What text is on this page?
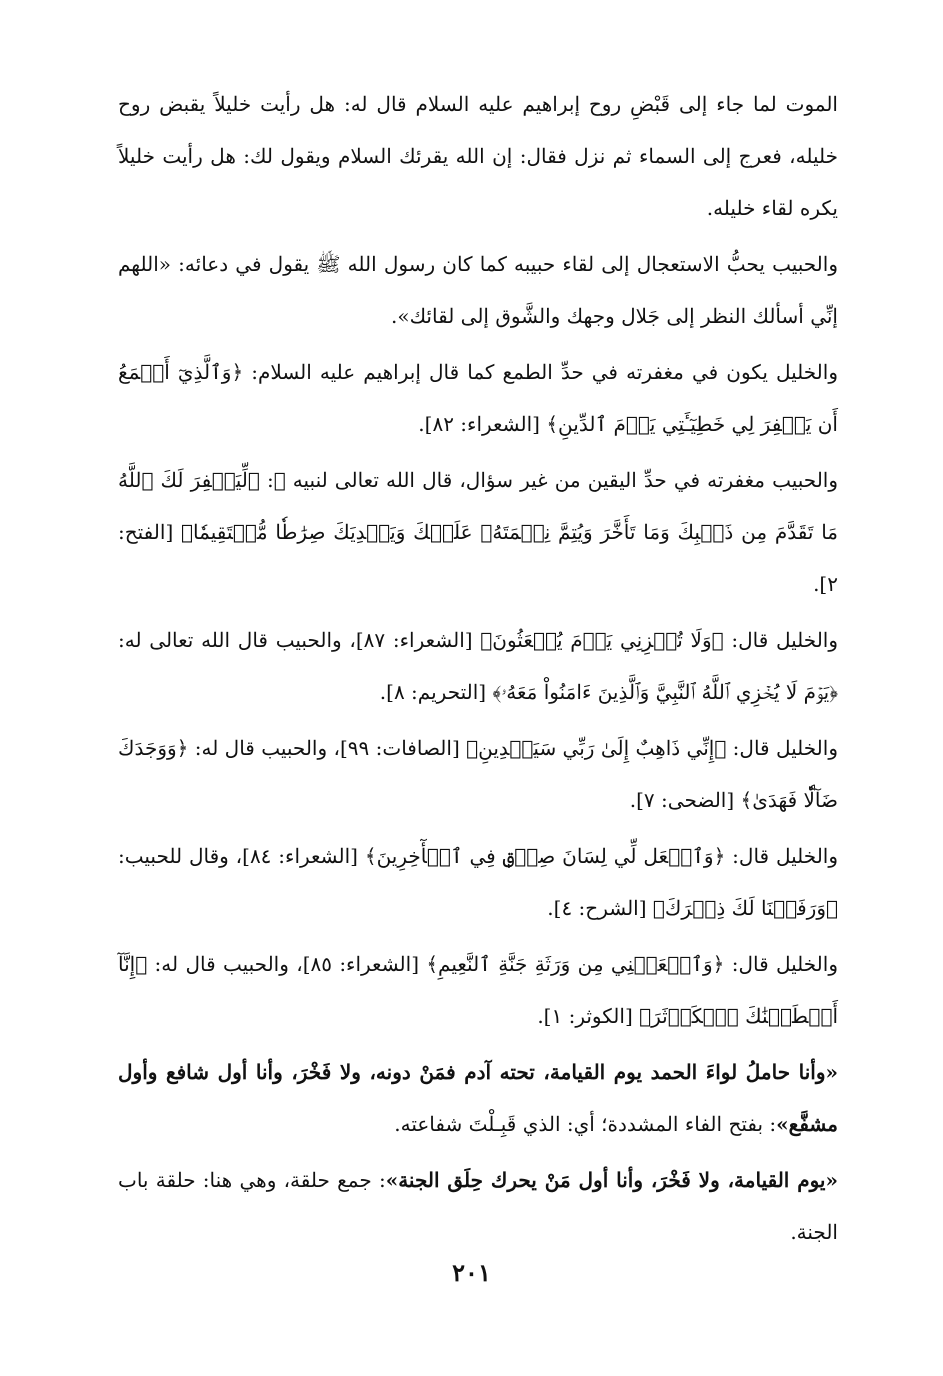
الموت لما جاء إلى قَبْضِ روح إبراهيم عليه السلام قال له: هل رأيت خليلاً يقبض روح خليله، فعرج إلى السماء ثم نزل فقال: إن الله يقرئك السلام ويقول لك: هل رأيت خليلاً يكره لقاء خليله.

والحبيب يحبُّ الاستعجال إلى لقاء حبيبه كما كان رسول الله ﷺ يقول في دعائه: «اللهم إنِّي أسألك النظر إلى جَلال وجهك والشَّوق إلى لقائك».

والخليل يكون في مغفرته في حدِّ الطمع كما قال إبراهيم عليه السلام: ﴿وَٱلَّذِيٓ أَطۡمَعُ أَن يَغۡفِرَ لِي خَطِيٓـَٔتِي يَوۡمَ ٱلدِّينِ﴾ [الشعراء: ٨٢].

والحبيب مغفرته في حدِّ اليقين من غير سؤال، قال الله تعالى لنبيه ﷺ: ﴿لِّيَغۡفِرَ لَكَ ٱللَّهُ مَا تَقَدَّمَ مِن ذَنۢبِكَ وَمَا تَأَخَّرَ وَيُتِمَّ نِعۡمَتَهُۥ عَلَيۡكَ وَيَهۡدِيَكَ صِرَٰطٗا مُّسۡتَقِيمٗا﴾ [الفتح: ٢].

والخليل قال: ﴿وَلَا تُخۡزِنِي يَوۡمَ يُبۡعَثُونَ﴾ [الشعراء: ٨٧]، والحبيب قال الله تعالى له: ﴿يَوۡمَ لَا يُخۡزِي ٱللَّهُ ٱلنَّبِيَّ وَٱلَّذِينَ ءَامَنُواْ مَعَهُۥ﴾ [التحريم: ٨].

والخليل قال: ﴿إِنِّي ذَاهِبٌ إِلَىٰ رَبِّي سَيَهۡدِينِ﴾ [الصافات: ٩٩]، والحبيب قال له: ﴿وَوَجَدَكَ ضَآلّٗا فَهَدَىٰ﴾ [الضحى: ٧].

والخليل قال: ﴿وَٱجۡعَل لِّي لِسَانَ صِدۡقٖ فِي ٱلۡأٓخِرِينَ﴾ [الشعراء: ٨٤]، وقال للحبيب: ﴿وَرَفَعۡنَا لَكَ ذِكۡرَكَ﴾ [الشرح: ٤].

والخليل قال: ﴿وَٱجۡعَلۡنِي مِن وَرَثَةِ جَنَّةِ ٱلنَّعِيمِ﴾ [الشعراء: ٨٥]، والحبيب قال له: ﴿إِنَّآ أَعۡطَيۡنَٰكَ ٱلۡكَوۡثَرَ﴾ [الكوثر: ١].

«وأنا حاملُ لواءَ الحمد يوم القيامة، تحته آدم فمَنْ دونه، ولا فَخْرَ، وأنا أول شافع وأول مشفَّع»: بفتح الفاء المشددة؛ أي: الذي قَبِـلْتَ شفاعته.

«يوم القيامة، ولا فَخْرَ، وأنا أول مَنْ يحرك حِلَق الجنة»: جمع حلقة، وهي هنا: حلقة باب الجنة.

٢٠١
